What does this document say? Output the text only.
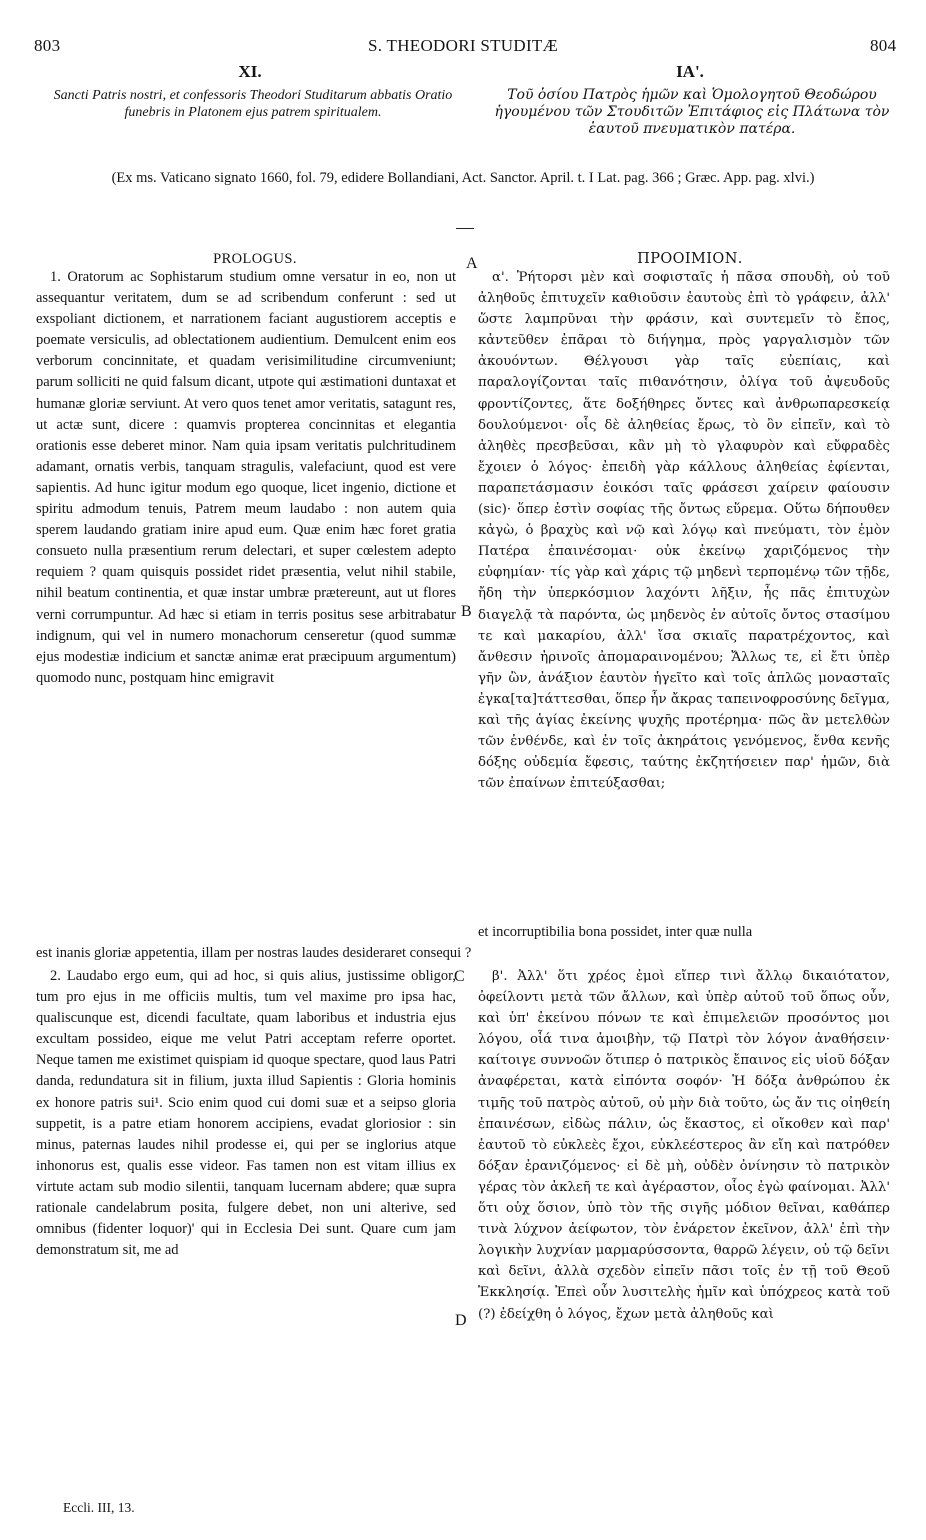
803	S. THEODORI STUDITÆ	804
XI.	ΙΑ'.
Sancti Patris nostri, et confessoris Theodori Studitarum abbatis Oratio funebris in Platonem ejus patrem spiritualem.
Τοῦ ὁσίου Πατρὸς ἡμῶν καὶ Ὁμολογητοῦ Θεοδώρου ἡγουμένου τῶν Στουδιτῶν Ἐπιτάφιος εἰς Πλάτωνα τὸν ἑαυτοῦ πνευματικὸν πατέρα.
(Ex ms. Vaticano signato 1660, fol. 79, edidere Bollandiani, Act. Sanctor. April. t. I Lat. pag. 366 ; Græc. App. pag. xlvi.)
PROLOGUS.	ΠΡΟΟΙΜΙΟΝ.
A
B
C
D

1. Oratorum ac Sophistarum studium omne versatur in eo, non ut assequantur veritatem, dum se ad scribendum conferunt : sed ut exspoliant dictionem, et narrationem faciant augustiorem acceptis e poemate versiculis, ad oblectationem audientium. Demulcent enim eos verborum concinnitate, et quadam verisimilitudine circumveniunt; parum solliciti ne quid falsum dicant, utpote qui æstimationi duntaxat et humanæ gloriæ serviunt. At vero quos tenet amor veritatis, satagunt res, ut actæ sunt, dicere : quamvis propterea concinnitas et elegantia orationis esse deberet minor. Nam quia ipsam veritatis pulchritudinem adamant, ornatis verbis, tanquam stragulis, valefaciunt, quod est vere sapientis. Ad hunc igitur modum ego quoque, licet ingenio, dictione et spiritu admodum tenuis, Patrem meum laudabo : non autem quia sperem laudando gratiam inire apud eum. Quæ enim hæc foret gratia consueto nulla præsentium rerum delectari, et super cœlestem adepto requiem ? quam quisquis possidet ridet præsentia, velut nihil stabile, nihil beatum continentia, et quæ instar umbræ prætereunt, aut ut flores verni corrumpuntur. Ad hæc si etiam in terris positus sese arbitrabatur indignum, qui vel in numero monachorum censeretur (quod summæ ejus modestiæ indicium et sanctæ animæ erat præcipuum argumentum) quomodo nunc, postquam hinc emigravit

et incorruptibilia bona possidet, inter quæ nulla
est inanis gloriæ appetentia, illam per nostras laudes desideraret consequi ?

2. Laudabo ergo eum, qui ad hoc, si quis alius, justissime obligor, tum pro ejus in me officiis multis, tum vel maxime pro ipsa hac, qualiscunque est, dicendi facultate, quam laboribus et industria ejus excultam possideo, eique me velut Patri acceptam referre oportet. Neque tamen me existimet quispiam id quoque spectare, quod laus Patri danda, redundatura sit in filium, juxta illud Sapientis : Gloria hominis ex honore patris sui¹. Scio enim quod cui domi suæ et a seipso gloria suppetit, is a patre etiam honorem accipiens, evadat gloriosior : sin minus, paternas laudes nihil prodesse ei, qui per se inglorius atque inhonorus est, qualis esse videor. Fas tamen non est vitam illius ex virtute actam sub modio silentii, tanquam lucernam abdere; quæ supra rationale candelabrum posita, fulgere debet, non uni alterive, sed omnibus (fidenter loquor)' qui in Ecclesia Dei sunt. Quare cum jam demonstratum sit, me ad

α'. Ῥήτορσι μὲν καὶ σοφισταῖς ἡ πᾶσα σπουδὴ, οὐ τοῦ ἀληθοῦς ἐπιτυχεῖν καθιοῦσιν ἑαυτοὺς ἐπὶ τὸ γράφειν, ἀλλ' ὥστε λαμπρῦναι τὴν φράσιν, καὶ συντεμεῖν τὸ ἔπος, κἀντεῦθεν ἐπᾶραι τὸ διήγημα, πρὸς γαργαλισμὸν τῶν ἀκουόντων. Θέλγουσι γὰρ ταῖς εὐεπίαις, καὶ παραλογίζονται ταῖς πιθανότησιν, ὀλίγα τοῦ ἀψευδοῦς φροντίζοντες, ἅτε δοξήθηρες ὄντες καὶ ἀνθρωπαρεσκείᾳ δουλούμενοι· οἷς δὲ ἀληθείας ἔρως, τὸ ὂν εἰπεῖν, καὶ τὸ ἀληθὲς πρεσβεῦσαι, κἂν μὴ τὸ γλαφυρὸν καὶ εὔφραδὲς ἔχοιεν ὁ λόγος· ἐπειδὴ γὰρ κάλλους ἀληθείας ἐφίενται, παραπετάσμασιν ἐοικόσι ταῖς φράσεσι χαίρειν φαίουσιν (sic)· ὅπερ ἐστὶν σοφίας τῆς ὄντως εὕρεμα. Οὕτω δήπουθεν κἀγὼ, ὁ βραχὺς καὶ νῷ καὶ λόγῳ καὶ πνεύματι, τὸν ἐμὸν Πατέρα ἐπαινέσομαι· οὐκ ἐκείνῳ χαριζόμενος τὴν εὐφημίαν· τίς γὰρ καὶ χάρις τῷ μηδενὶ τερπομένῳ τῶν τῇδε, ἤδη τὴν ὑπερκόσμιον λαχόντι λῆξιν, ἧς πᾶς ἐπιτυχὼν διαγελᾷ τὰ παρόντα, ὡς μηδενὸς ἐν αὐτοῖς ὄντος στασίμου τε καὶ μακαρίου, ἀλλ' ἴσα σκιαῖς παρατρέχοντος, καὶ ἄνθεσιν ἠρινοῖς ἀπομαραινομένου; Ἄλλως τε, εἰ ἔτι ὑπὲρ γῆν ὢν, ἀνάξιον ἑαυτὸν ἡγεῖτο καὶ τοῖς ἁπλῶς μονασταῖς ἐγκα[τα]τάττεσθαι, ὅπερ ἦν ἄκρας ταπεινοφροσύνης δεῖγμα, καὶ τῆς ἁγίας ἐκείνης ψυχῆς προτέρημα· πῶς ἂν μετελθὼν τῶν ἐνθένδε, καὶ ἐν τοῖς ἀκηράτοις γενόμενος, ἔνθα κενῆς δόξης οὐδεμία ἔφεσις, ταύτης ἐκζητήσειεν παρ' ἡμῶν, διὰ τῶν ἐπαίνων ἐπιτεύξασθαι;

β'. Ἀλλ' ὅτι χρέος ἐμοὶ εἴπερ τινὶ ἄλλῳ δικαιότατον, ὀφείλοντι μετὰ τῶν ἄλλων, καὶ ὑπὲρ αὐτοῦ τοῦ ὅπως οὖν, καὶ ὑπ' ἐκείνου πόνων τε καὶ ἐπιμελειῶν προσόντος μοι λόγου, οἷά τινα ἀμοιβὴν, τῷ Πατρὶ τὸν λόγον ἀναθήσειν· καίτοιγε συννοῶν ὅτιπερ ὁ πατρικὸς ἔπαινος εἰς υἱοῦ δόξαν ἀναφέρεται, κατὰ εἰπόντα σοφόν· Ἡ δόξα ἀνθρώπου ἐκ τιμῆς τοῦ πατρὸς αὐτοῦ, οὐ μὴν διὰ τοῦτο, ὡς ἄν τις οἰηθείη ἐπαινέσων, εἰδὼς πάλιν, ὡς ἕκαστος, εἰ οἴκοθεν καὶ παρ' ἑαυτοῦ τὸ εὐκλεὲς ἔχοι, εὐκλεέστερος ἂν εἴη καὶ πατρόθεν δόξαν ἐρανιζόμενος· εἰ δὲ μὴ, οὐδὲν ὀνίνησιν τὸ πατρικὸν γέρας τὸν ἀκλεῆ τε καὶ ἀγέραστον, οἷος ἐγὼ φαίνομαι. Ἀλλ' ὅτι οὐχ ὅσιον, ὑπὸ τὸν τῆς σιγῆς μόδιον θεῖναι, καθάπερ τινὰ λύχνον ἀείφωτον, τὸν ἐνάρετον ἐκεῖνον, ἀλλ' ἐπὶ τὴν λογικὴν λυχνίαν μαρμαρύσσοντα, θαρρῶ λέγειν, οὐ τῷ δεῖνι καὶ δεῖνι, ἀλλὰ σχεδὸν εἰπεῖν πᾶσι τοῖς ἐν τῇ τοῦ Θεοῦ Ἐκκλησίᾳ. Ἐπεὶ οὖν λυσιτελὴς ἡμῖν καὶ ὑπόχρεος κατὰ τοῦ (?) ἐδείχθη ὁ λόγος, ἔχων μετὰ ἀληθοῦς καὶ

Eccli. III, 13.
